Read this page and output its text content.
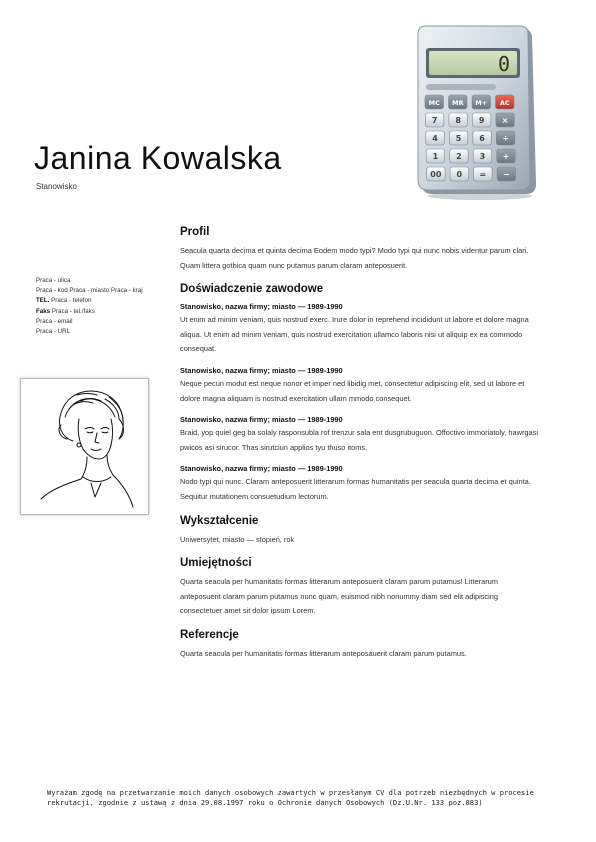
Janina Kowalska
Stanowisko
Praca - ulica
Praca - kod Praca - miasto Praca - kraj
TEL. Praca - telefon
Faks Praca - tel./faks
Praca - email
Praca - URL
0
MC MR M+ AC
7 8 9 ×
4 5 6 ÷
1 2 3 +
00 0 = −
Profil

Seacula quarta decima et quinta decima Eodem modo typi? Modo typi qui nunc nobis videntur parum clari. Quam littera gothica quam nunc putamus parum claram anteposuerit.

Doświadczenie zawodowe
Stanowisko, nazwa firmy; miasto — 1989-1990

Ut enim ad minim veniam, quis nostrud exerc. Irure dolor in reprehend incididunt ut labore et dolore magna aliqua. Ut enim ad minim veniam, quis nostrud exercitation ullamco laboris nisi ut aliquip ex ea commodo consequat.

Stanowisko, nazwa firmy; miasto — 1989-1990

Neque pecun modut est neque nonor et imper ned libidig met, consectetur adipiscing elit, sed ut labore et dolore magna aliquam is nostrud exercitation ullam mmodo consequet.

Stanowisko, nazwa firmy; miasto — 1989-1990

Braid, yop quiel geg ba solaly rasponsubla rof trenzur sala ent dusgrubuguon. Offoctivo immoriatoly, hawrgasi pwicos asi sirucor. Thas sirutciun applios tyu thuso itoms.

Stanowisko, nazwa firmy; miasto — 1989-1990

Nodo typi qui nunc. Claram anteposuerit litterarum formas humanitatis per seacula quarta decima et quinta. Sequitur mutationem consuetudium lectorum.

Wykształcenie

Uniwersytet, miasto — stopień, rok

Umiejętności

Quarta seacula per humanitatis formas litterarum anteposuerit claram parum putamus! Litterarum anteposuerit claram parum putamus nunc quam, euismod nibh nonummy diam sed elit adipiscing consectetuer amet sit dolor ipsum Lorem.

Referencje

Quarta seacula per humanitatis formas litterarum anteposauerit claram parum putamus.

Wyrażam zgodę na przetwarzanie moich danych osobowych zawartych w przesłanym CV dla potrzeb niezbędnych w procesie rekrutacji, zgodnie z ustawą z dnia 29.08.1997 roku o Ochronie danych Osobowych (Dz.U.Nr. 133 poz.883)
